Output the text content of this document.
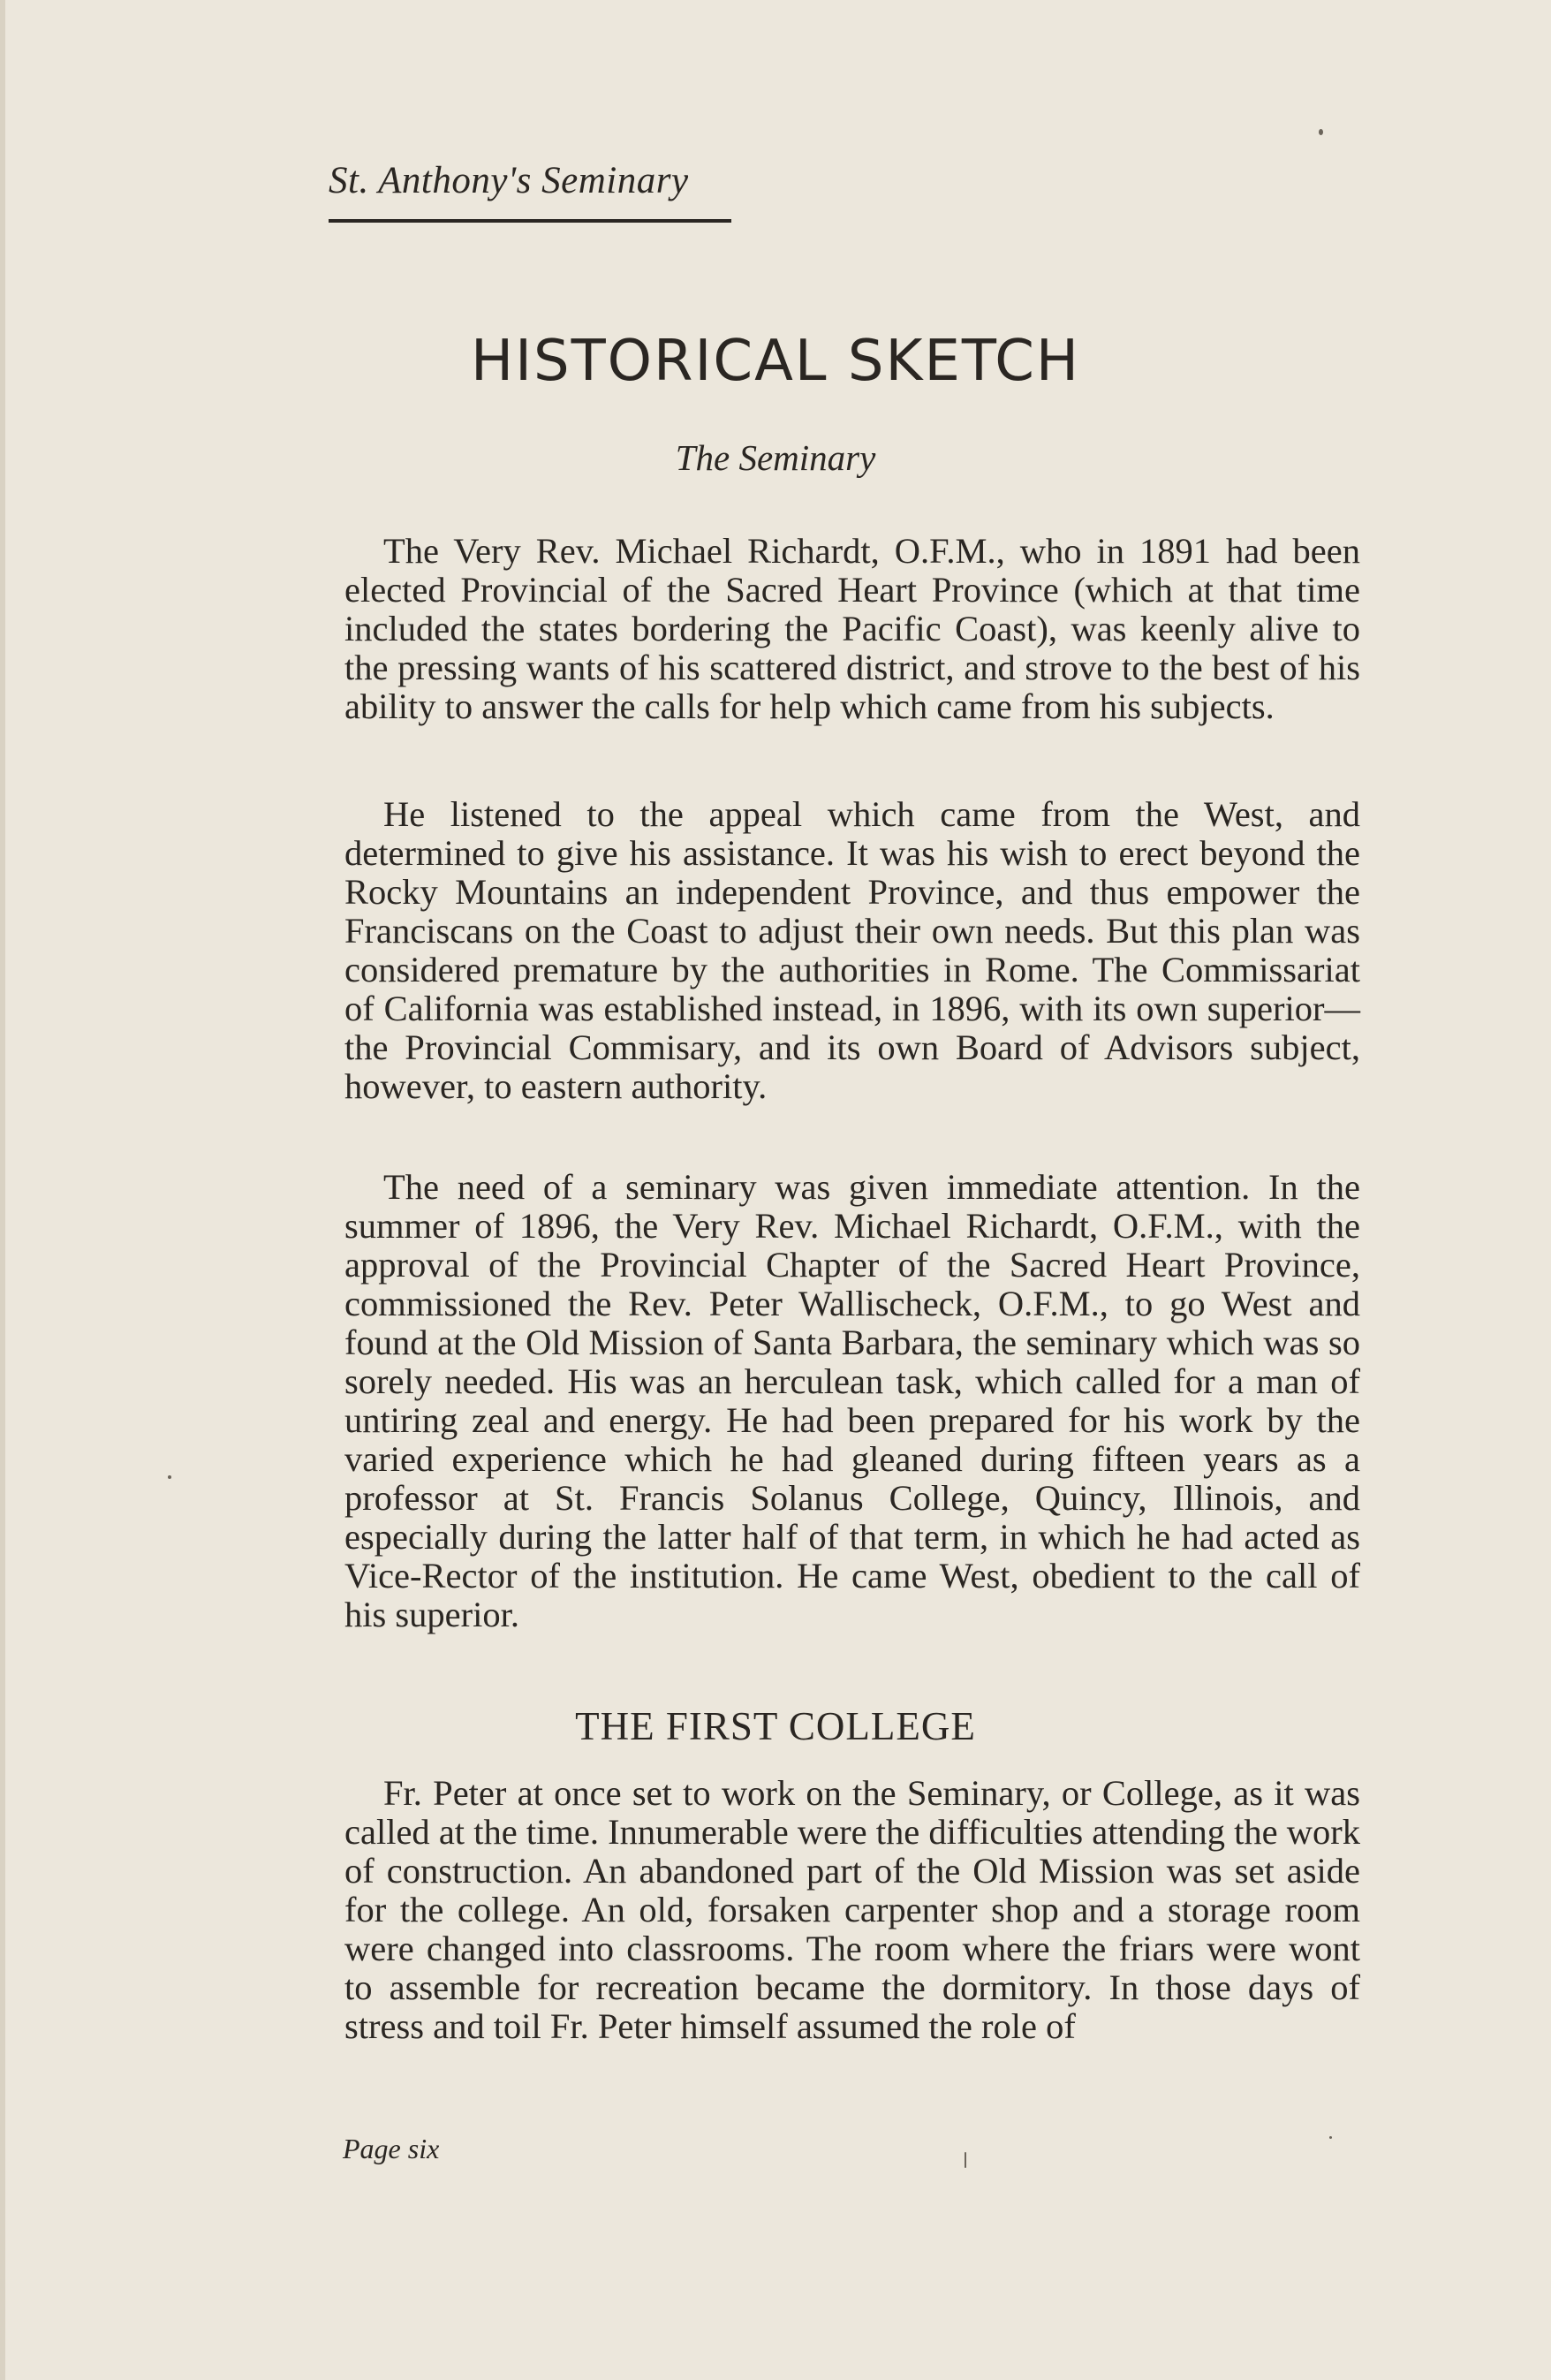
St. Anthony's Seminary
HISTORICAL SKETCH
The Seminary

The Very Rev. Michael Richardt, O.F.M., who in 1891 had been elected Provincial of the Sacred Heart Province (which at that time included the states bordering the Pacific Coast), was keenly alive to the pressing wants of his scattered district, and strove to the best of his ability to answer the calls for help which came from his subjects.

He listened to the appeal which came from the West, and determined to give his assistance. It was his wish to erect beyond the Rocky Mountains an independent Province, and thus empower the Franciscans on the Coast to adjust their own needs. But this plan was considered premature by the authorities in Rome. The Commissariat of California was established instead, in 1896, with its own superior—the Provincial Commisary, and its own Board of Advisors subject, however, to eastern authority.

The need of a seminary was given immediate attention. In the summer of 1896, the Very Rev. Michael Richardt, O.F.M., with the approval of the Provincial Chapter of the Sacred Heart Province, commissioned the Rev. Peter Wallischeck, O.F.M., to go West and found at the Old Mission of Santa Barbara, the seminary which was so sorely needed. His was an herculean task, which called for a man of untiring zeal and energy. He had been prepared for his work by the varied experience which he had gleaned during fifteen years as a professor at St. Francis Solanus College, Quincy, Illinois, and especially during the latter half of that term, in which he had acted as Vice-Rector of the institution. He came West, obedient to the call of his superior.

THE FIRST COLLEGE

Fr. Peter at once set to work on the Seminary, or College, as it was called at the time. Innumerable were the difficulties attending the work of construction. An abandoned part of the Old Mission was set aside for the college. An old, forsaken carpenter shop and a storage room were changed into classrooms. The room where the friars were wont to assemble for recreation became the dormitory. In those days of stress and toil Fr. Peter himself assumed the role of

Page six
